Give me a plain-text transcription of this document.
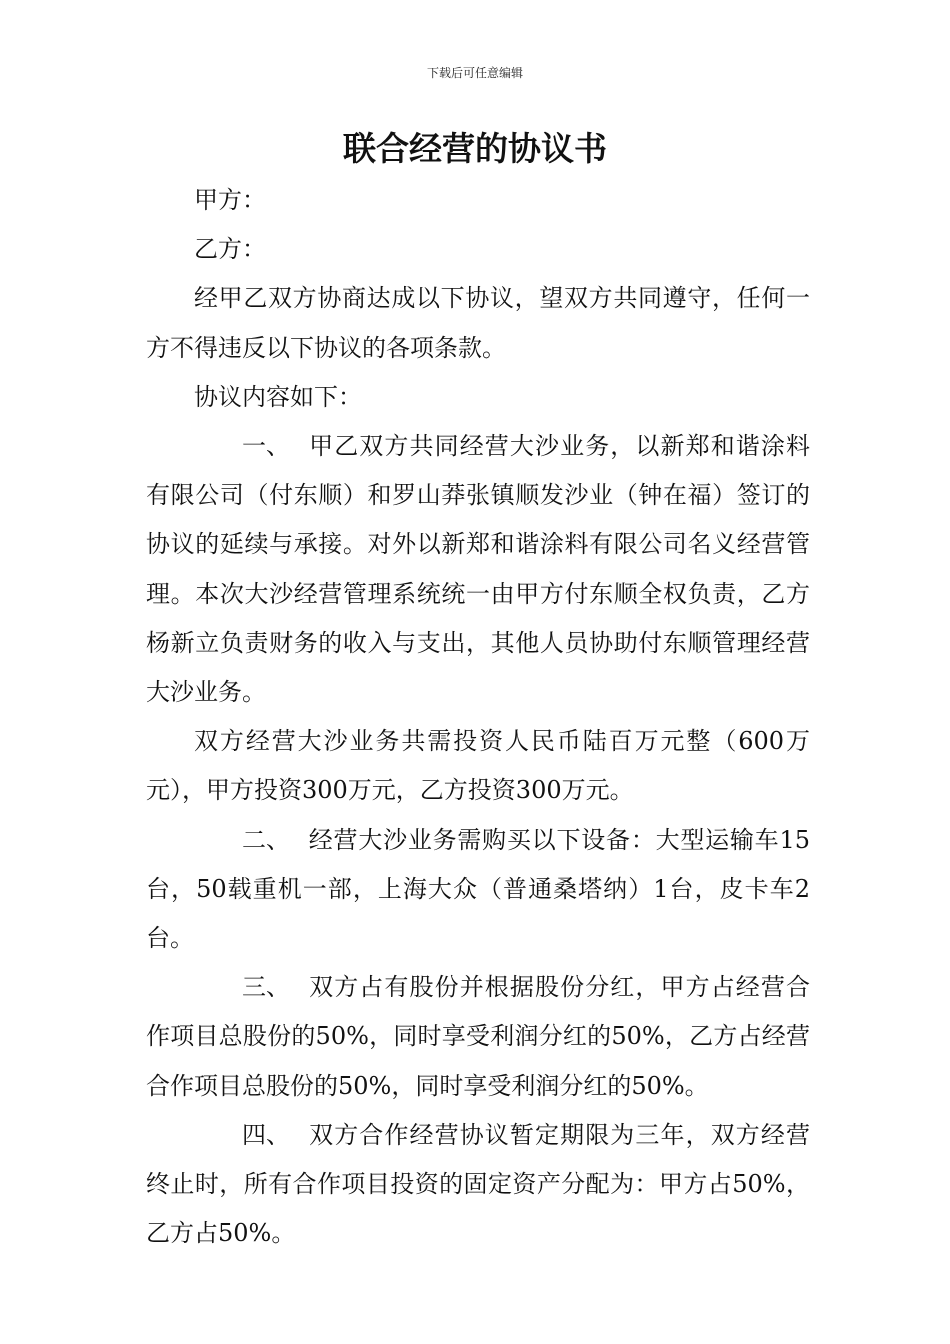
下载后可任意编辑
联合经营的协议书

甲方：

乙方：

经甲乙双方协商达成以下协议，望双方共同遵守，任何一方不得违反以下协议的各项条款。

协议内容如下：

一、 甲乙双方共同经营大沙业务，以新郑和谐涂料有限公司（付东顺）和罗山莽张镇顺发沙业（钟在福）签订的协议的延续与承接。对外以新郑和谐涂料有限公司名义经营管理。本次大沙经营管理系统统一由甲方付东顺全权负责，乙方杨新立负责财务的收入与支出，其他人员协助付东顺管理经营大沙业务。

双方经营大沙业务共需投资人民币陆百万元整（600万元），甲方投资300万元，乙方投资300万元。

二、 经营大沙业务需购买以下设备：大型运输车15台，50载重机一部，上海大众（普通桑塔纳）1台，皮卡车2台。

三、 双方占有股份并根据股份分红，甲方占经营合作项目总股份的50%，同时享受利润分红的50%，乙方占经营合作项目总股份的50%，同时享受利润分红的50%。

四、 双方合作经营协议暂定期限为三年，双方经营终止时，所有合作项目投资的固定资产分配为：甲方占50%，乙方占50%。
